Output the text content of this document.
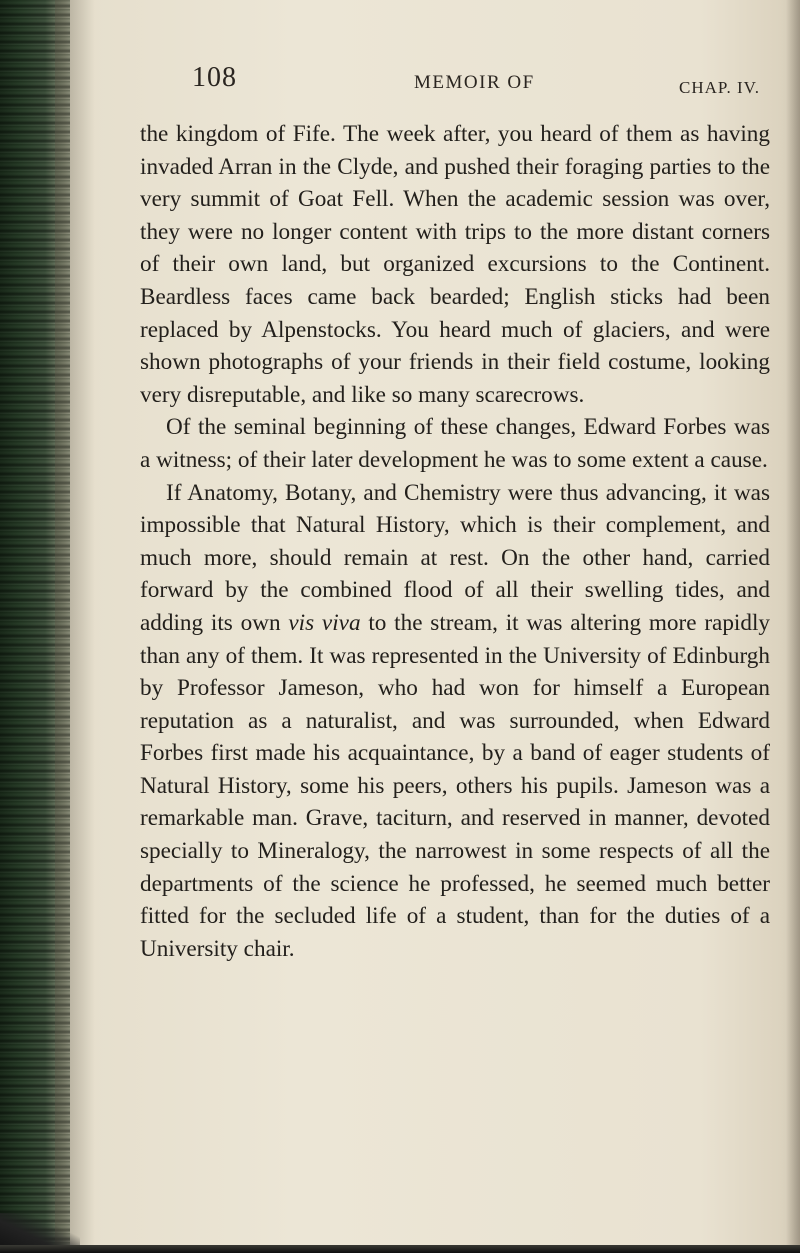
108	MEMOIR OF	CHAP. IV.

the kingdom of Fife. The week after, you heard of them as having invaded Arran in the Clyde, and pushed their foraging parties to the very summit of Goat Fell. When the academic session was over, they were no longer content with trips to the more distant corners of their own land, but organized excursions to the Continent. Beardless faces came back bearded; English sticks had been replaced by Alpenstocks. You heard much of glaciers, and were shown photographs of your friends in their field costume, looking very disreputable, and like so many scarecrows.

Of the seminal beginning of these changes, Edward Forbes was a witness; of their later development he was to some extent a cause.

If Anatomy, Botany, and Chemistry were thus advancing, it was impossible that Natural History, which is their complement, and much more, should remain at rest. On the other hand, carried forward by the combined flood of all their swelling tides, and adding its own vis viva to the stream, it was altering more rapidly than any of them. It was represented in the University of Edinburgh by Professor Jameson, who had won for himself a European reputation as a naturalist, and was surrounded, when Edward Forbes first made his acquaintance, by a band of eager students of Natural History, some his peers, others his pupils. Jameson was a remarkable man. Grave, taciturn, and reserved in manner, devoted specially to Mineralogy, the narrowest in some respects of all the departments of the science he professed, he seemed much better fitted for the secluded life of a student, than for the duties of a University chair.
